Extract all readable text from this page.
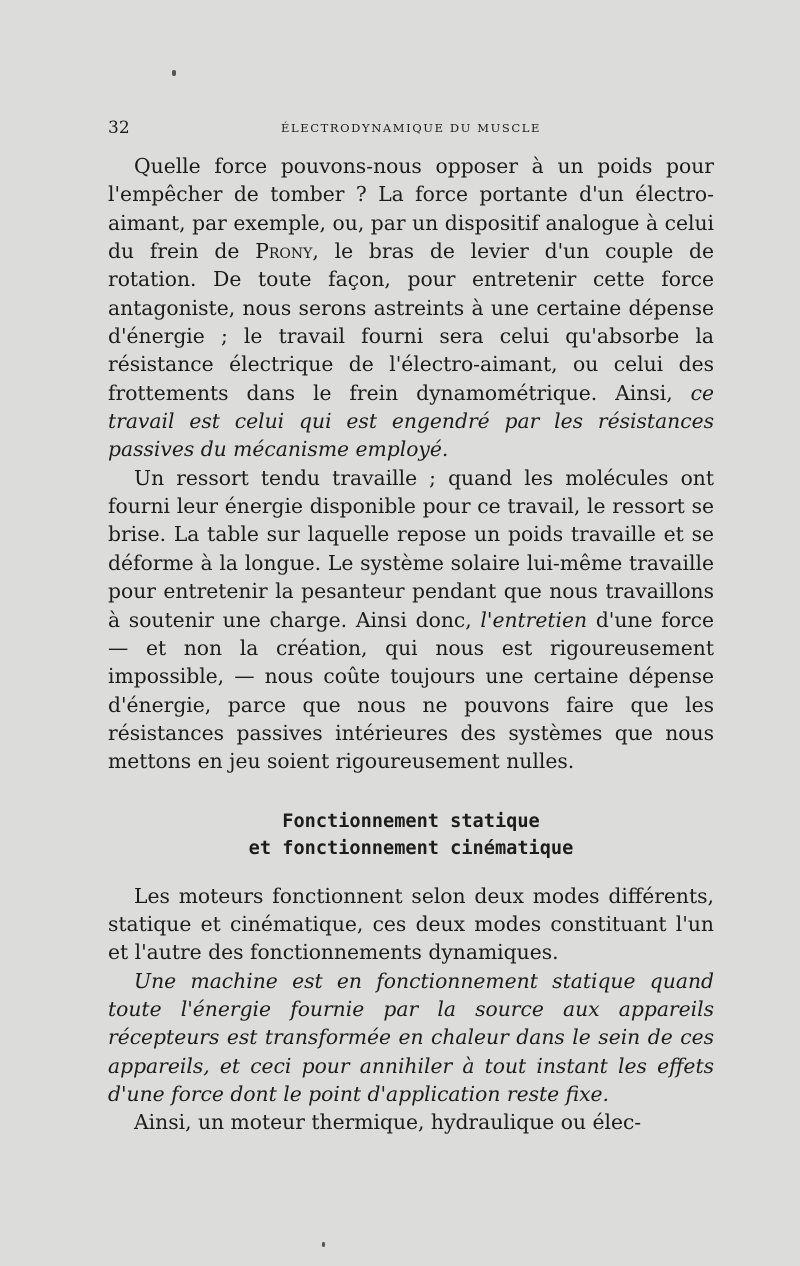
32	ÉLECTRODYNAMIQUE DU MUSCLE

Quelle force pouvons-nous opposer à un poids pour l'empêcher de tomber ? La force portante d'un électro-aimant, par exemple, ou, par un dispositif analogue à celui du frein de Prony, le bras de levier d'un couple de rotation. De toute façon, pour entretenir cette force antagoniste, nous serons astreints à une certaine dépense d'énergie ; le travail fourni sera celui qu'absorbe la résistance électrique de l'électro-aimant, ou celui des frottements dans le frein dynamométrique. Ainsi, ce travail est celui qui est engendré par les résistances passives du mécanisme employé.

Un ressort tendu travaille ; quand les molécules ont fourni leur énergie disponible pour ce travail, le ressort se brise. La table sur laquelle repose un poids travaille et se déforme à la longue. Le système solaire lui-même travaille pour entretenir la pesanteur pendant que nous travaillons à soutenir une charge. Ainsi donc, l'entretien d'une force — et non la création, qui nous est rigoureusement impossible, — nous coûte toujours une certaine dépense d'énergie, parce que nous ne pouvons faire que les résistances passives intérieures des systèmes que nous mettons en jeu soient rigoureusement nulles.

Fonctionnement statique
et fonctionnement cinématique

Les moteurs fonctionnent selon deux modes différents, statique et cinématique, ces deux modes constituant l'un et l'autre des fonctionnements dynamiques.

Une machine est en fonctionnement statique quand toute l'énergie fournie par la source aux appareils récepteurs est transformée en chaleur dans le sein de ces appareils, et ceci pour annihiler à tout instant les effets d'une force dont le point d'application reste fixe.

Ainsi, un moteur thermique, hydraulique ou élec-
